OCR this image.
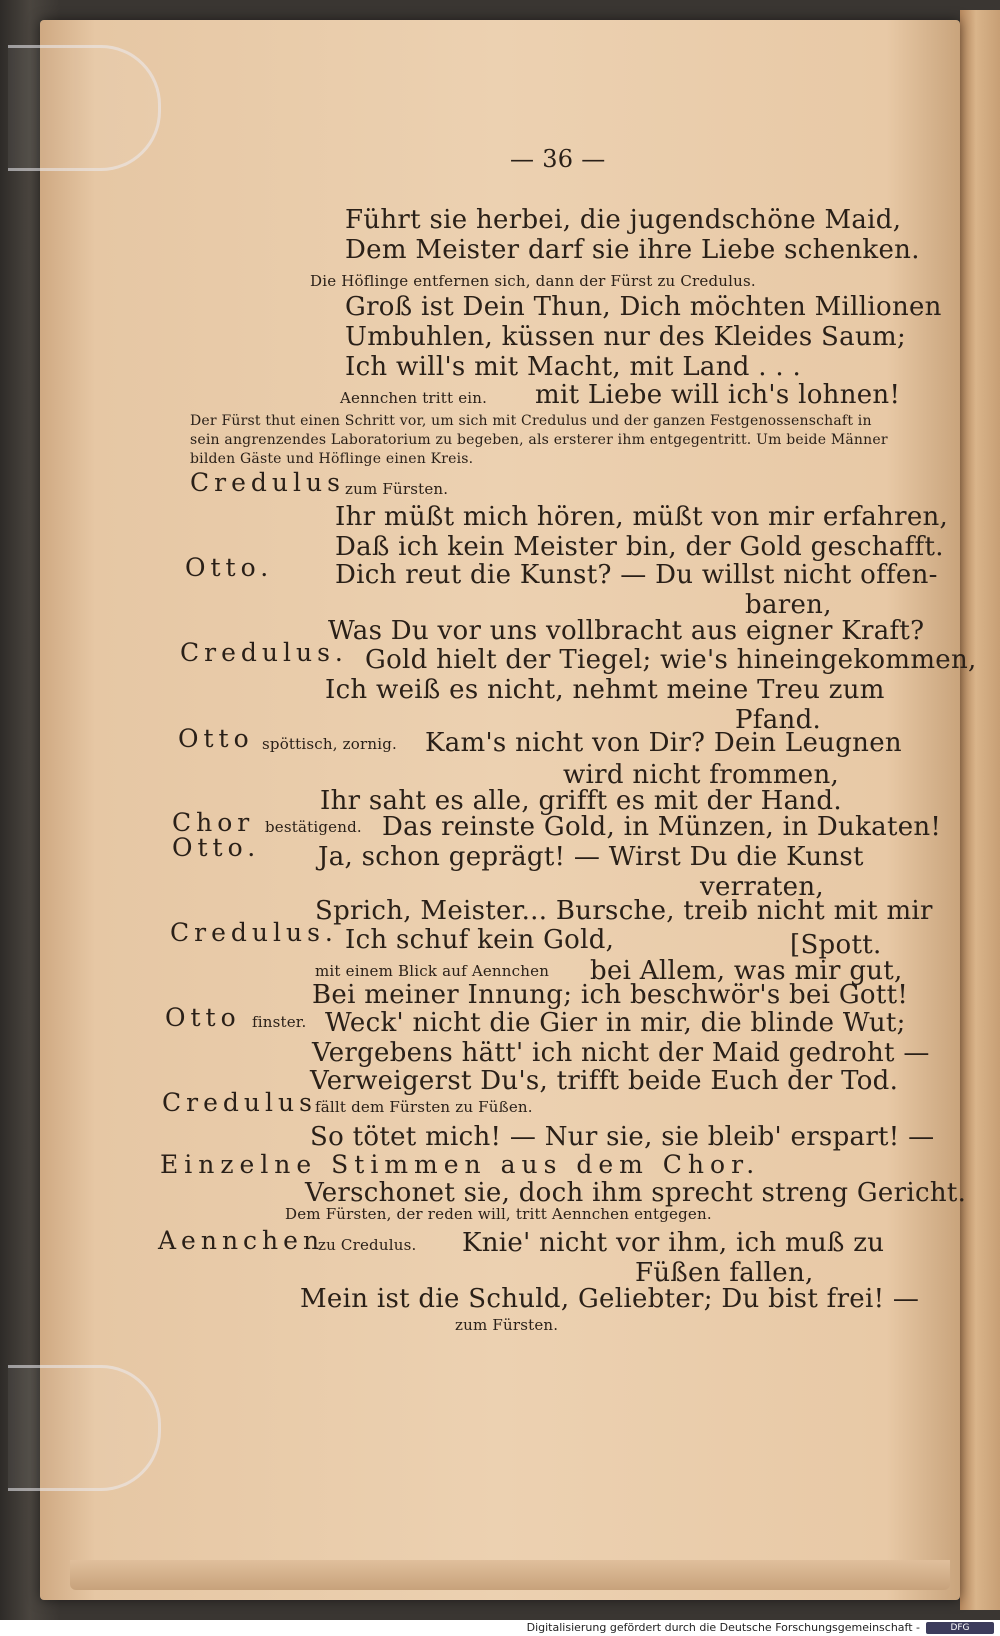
— 36 —
Führt sie herbei, die jugendschöne Maid,
Dem Meister darf sie ihre Liebe schenken.
Die Höflinge entfernen sich, dann der Fürst zu Credulus.
Groß ist Dein Thun, Dich möchten Millionen
Umbuhlen, küssen nur des Kleides Saum;
Ich will's mit Macht, mit Land . . .
Aennchen tritt ein. mit Liebe will ich's lohnen!
Der Fürst thut einen Schritt vor, um sich mit Credulus und der ganzen Festgenossenschaft in sein angrenzendes Laboratorium zu begeben, als ersterer ihm entgegentritt. Um beide Männer bilden Gäste und Höflinge einen Kreis.
Credulus zum Fürsten.
Ihr müßt mich hören, müßt von mir erfahren,
Daß ich kein Meister bin, der Gold geschafft.
Otto. Dich reut die Kunst? — Du willst nicht offen-
baren,
Was Du vor uns vollbracht aus eigner Kraft?
Credulus. Gold hielt der Tiegel; wie's hineingekommen,
Ich weiß es nicht, nehmt meine Treu zum
Pfand.
Otto spöttisch, zornig. Kam's nicht von Dir? Dein Leugnen
wird nicht frommen,
Ihr saht es alle, grifft es mit der Hand.
Chor bestätigend. Das reinste Gold, in Münzen, in Dukaten!
Otto. Ja, schon geprägt! — Wirst Du die Kunst
verraten,
Sprich, Meister... Bursche, treib nicht mit mir
Credulus. Ich schuf kein Gold,	[Spott.
mit einem Blick auf Aennchen bei Allem, was mir gut,
Bei meiner Innung; ich beschwör's bei Gott!
Otto finster. Weck' nicht die Gier in mir, die blinde Wut;
Vergebens hätt' ich nicht der Maid gedroht —
Verweigerst Du's, trifft beide Euch der Tod.
Credulus
fällt dem Fürsten zu Füßen.
So tötet mich! — Nur sie, sie bleib' erspart! —
Einzelne Stimmen aus dem Chor.
Verschonet sie, doch ihm sprecht streng Gericht.
Dem Fürsten, der reden will, tritt Aennchen entgegen.
Aennchen
zu Credulus. Knie' nicht vor ihm, ich muß zu
Füßen fallen,
Mein ist die Schuld, Geliebter; Du bist frei! —
zum Fürsten.
Digitalisierung gefördert durch die Deutsche Forschungsgemeinschaft -	DFG
